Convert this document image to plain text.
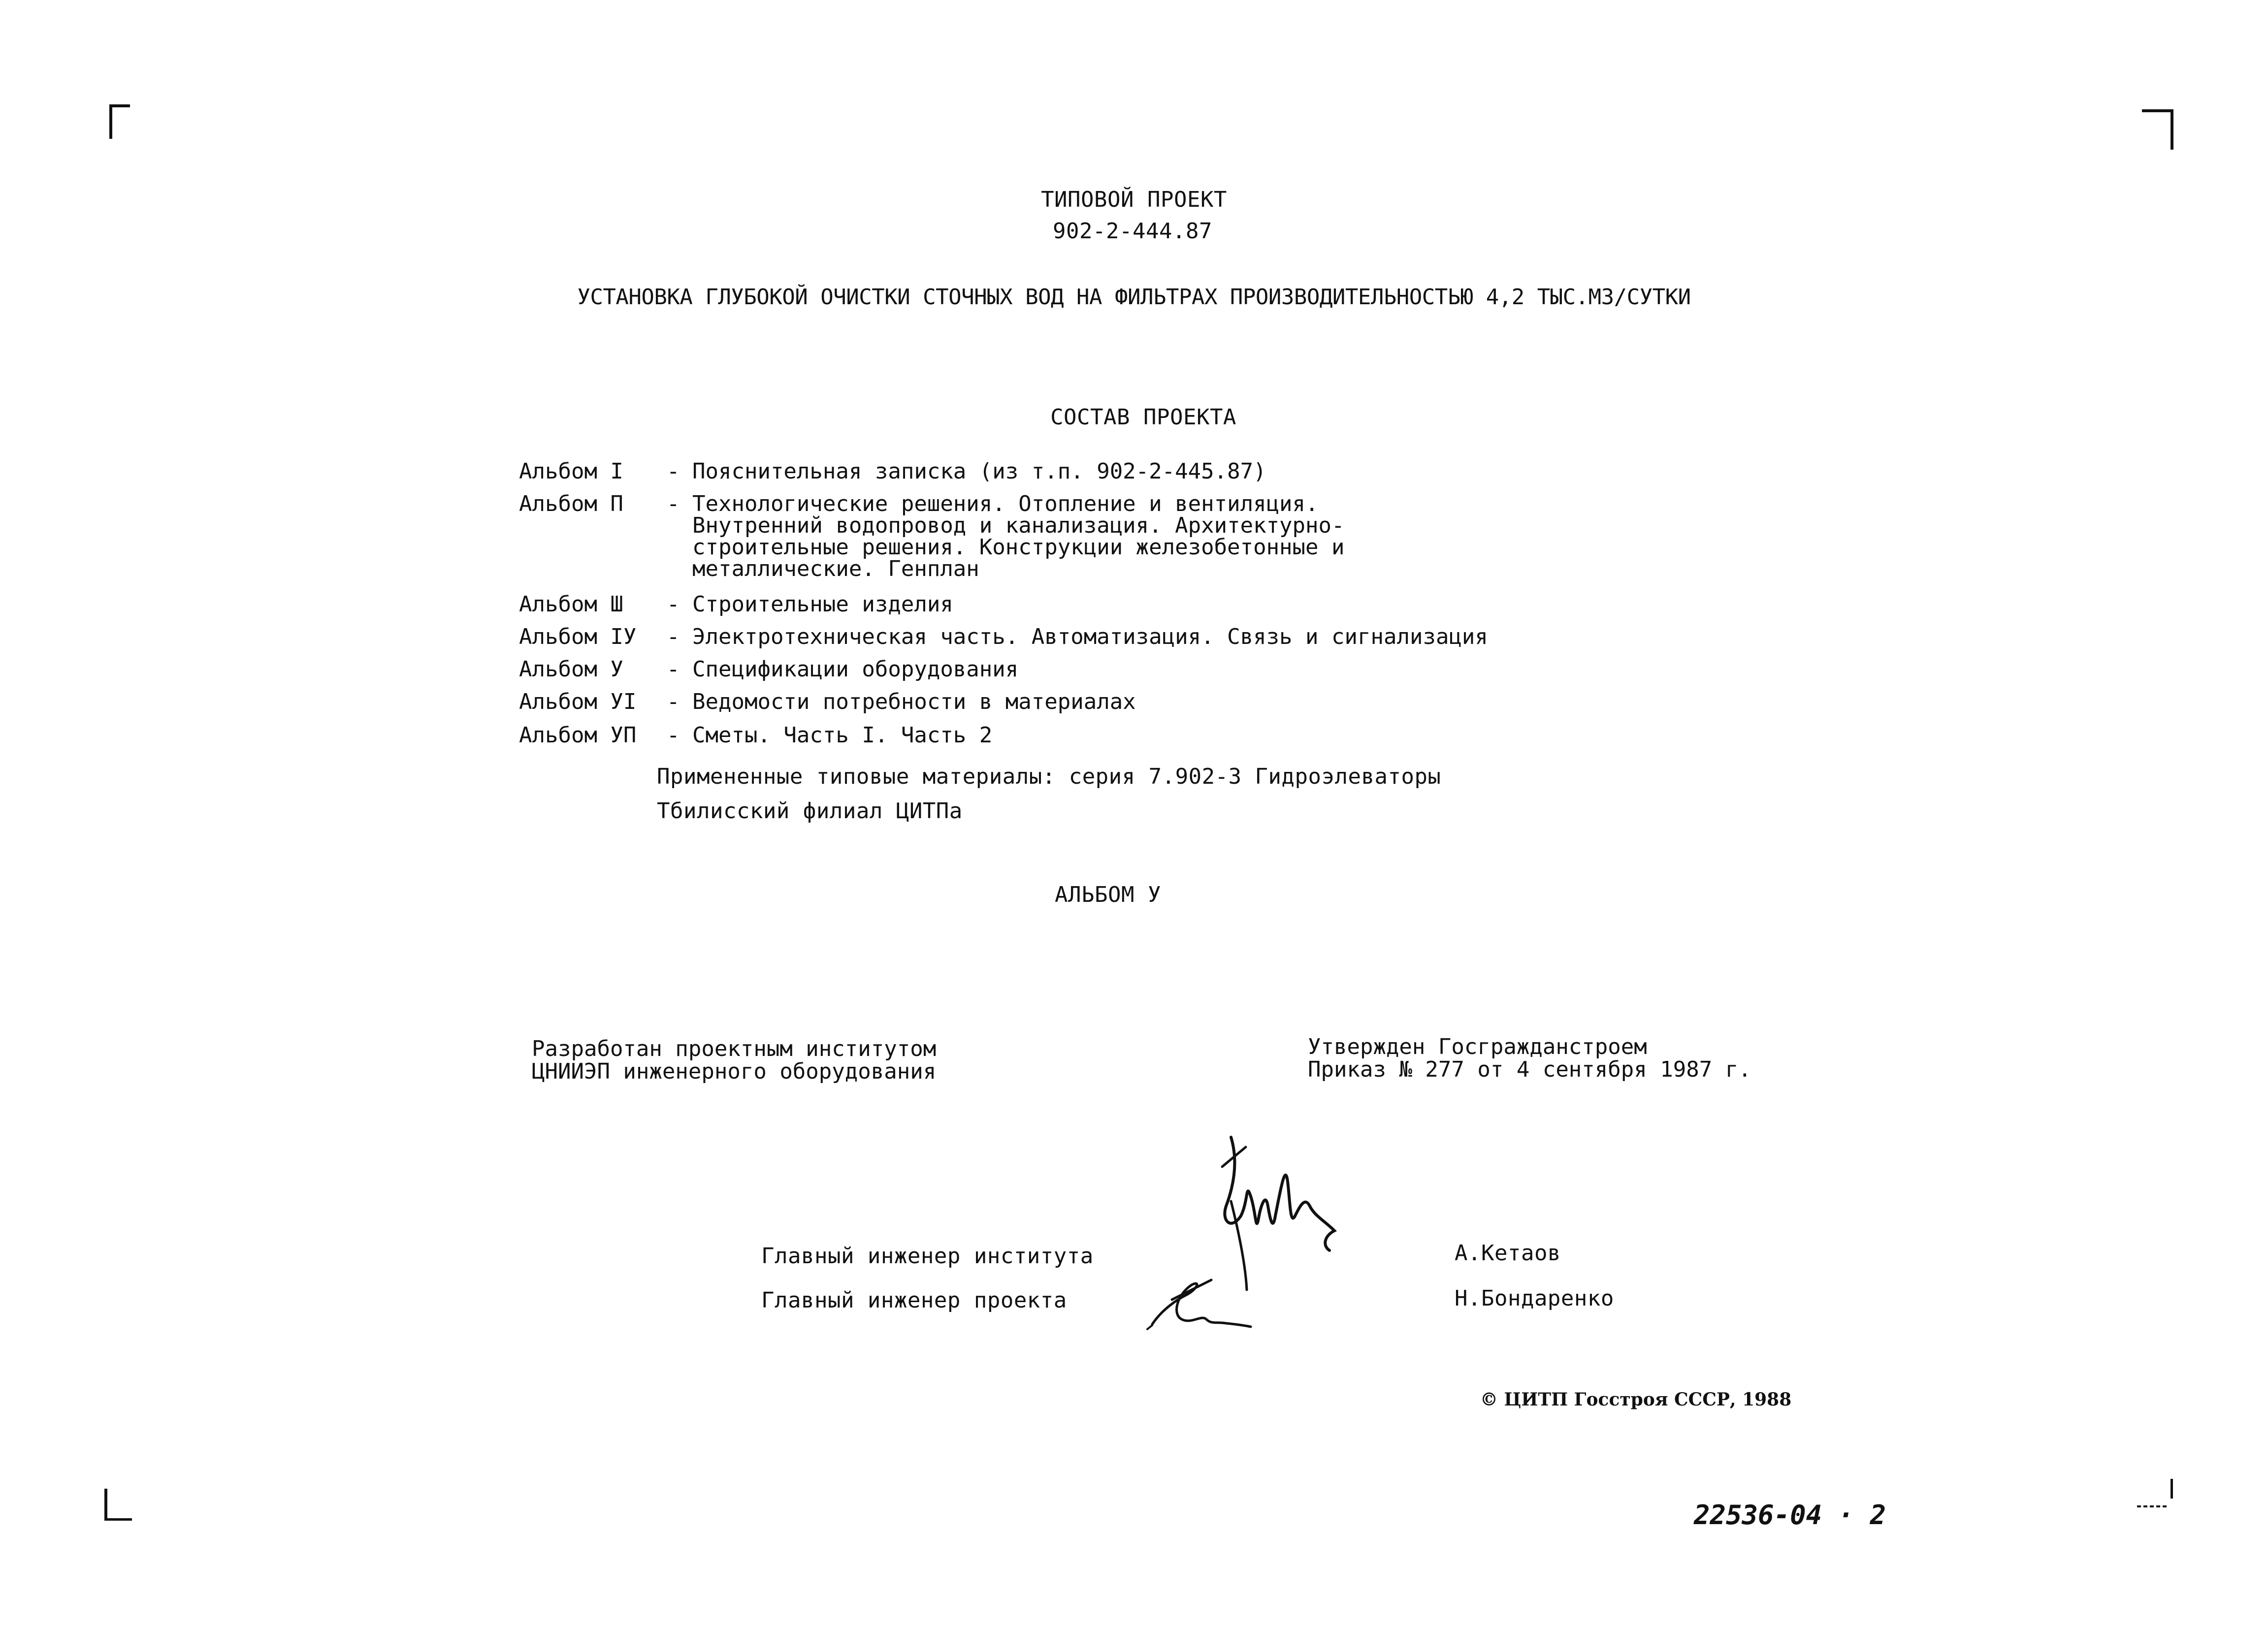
ТИПОВОЙ ПРОЕКТ
902-2-444.87
УСТАНОВКА ГЛУБОКОЙ ОЧИСТКИ СТОЧНЫХ ВОД НА ФИЛЬТРАХ ПРОИЗВОДИТЕЛЬНОСТЬЮ 4,2 ТЫС.М3/СУТКИ
СОСТАВ ПРОЕКТА
Альбом I - Пояснительная записка (из т.п. 902-2-445.87)
Альбом П - Технологические решения. Отопление и вентиляция.
Внутренний водопровод и канализация. Архитектурно-
строительные решения. Конструкции железобетонные и
металлические. Генплан
Альбом Ш - Строительные изделия
Альбом IУ - Электротехническая часть. Автоматизация. Связь и сигнализация
Альбом У - Спецификации оборудования
Альбом УI - Ведомости потребности в материалах
Альбом УП - Сметы. Часть I. Часть 2
Примененные типовые материалы: серия 7.902-3 Гидроэлеваторы
Тбилисский филиал ЦИТПа
АЛЬБОМ У
Разработан проектным институтом
ЦНИИЭП инженерного оборудования
Утвержден Госгражданстроем
Приказ № 277 от 4 сентября 1987 г.
Главный инженер института
Главный инженер проекта
А.Кетаов
Н.Бондаренко
© ЦИТП Госстроя СССР, 1988
22536-04 · 2
